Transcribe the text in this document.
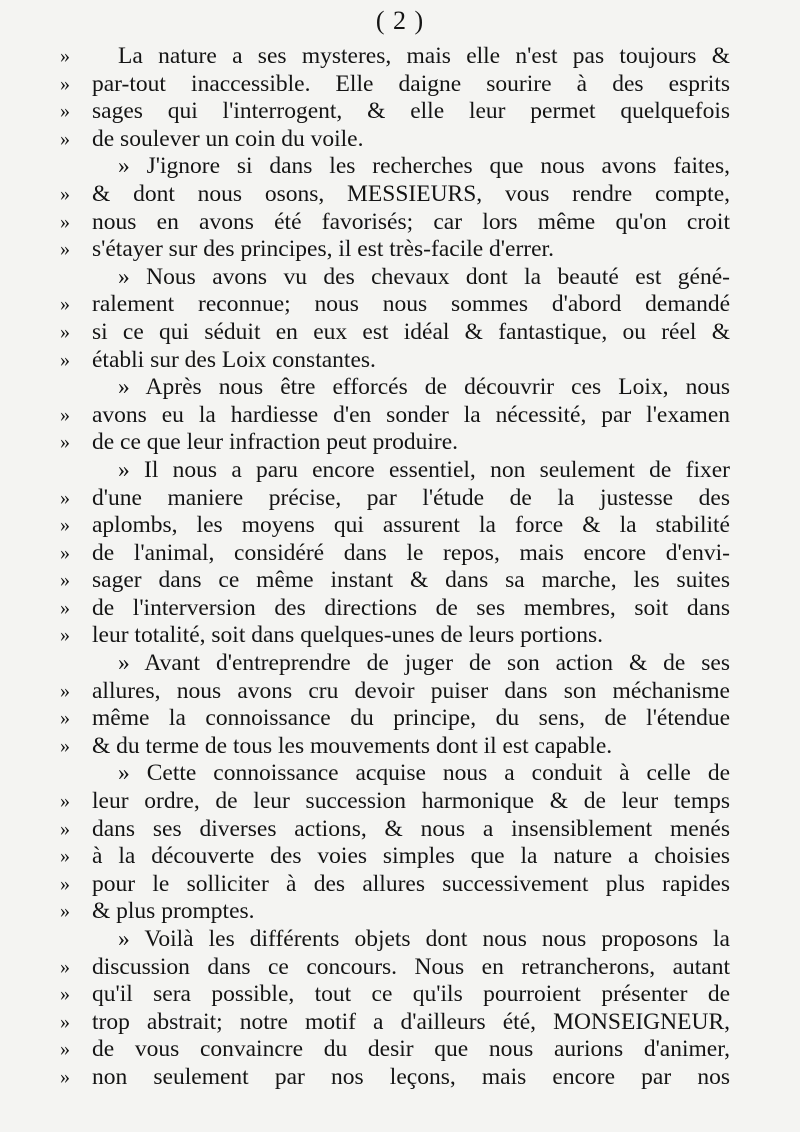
( 2 )
»	La nature a ses mysteres, mais elle n'est pas toujours &
» par-tout inaccessible. Elle daigne sourire à des esprits
» sages qui l'interrogent, & elle leur permet quelquefois
» de soulever un coin du voile.
» J'ignore si dans les recherches que nous avons faites,
» & dont nous osons, MESSIEURS, vous rendre compte,
» nous en avons été favorisés; car lors même qu'on croit
» s'étayer sur des principes, il est très-facile d'errer.
» Nous avons vu des chevaux dont la beauté est géné-
» ralement reconnue; nous nous sommes d'abord demandé
» si ce qui séduit en eux est idéal & fantastique, ou réel &
» établi sur des Loix constantes.
» Après nous être efforcés de découvrir ces Loix, nous
» avons eu la hardiesse d'en sonder la nécessité, par l'examen
» de ce que leur infraction peut produire.
» Il nous a paru encore essentiel, non seulement de fixer
» d'une maniere précise, par l'étude de la justesse des
» aplombs, les moyens qui assurent la force & la stabilité
» de l'animal, considéré dans le repos, mais encore d'envi-
» sager dans ce même instant & dans sa marche, les suites
» de l'interversion des directions de ses membres, soit dans
» leur totalité, soit dans quelques-unes de leurs portions.
» Avant d'entreprendre de juger de son action & de ses
» allures, nous avons cru devoir puiser dans son méchanisme
» même la connoissance du principe, du sens, de l'étendue
» & du terme de tous les mouvements dont il est capable.
» Cette connoissance acquise nous a conduit à celle de
» leur ordre, de leur succession harmonique & de leur temps
» dans ses diverses actions, & nous a insensiblement menés
» à la découverte des voies simples que la nature a choisies
» pour le solliciter à des allures successivement plus rapides
» & plus promptes.
» Voilà les différents objets dont nous nous proposons la
» discussion dans ce concours. Nous en retrancherons, autant
» qu'il sera possible, tout ce qu'ils pourroient présenter de
» trop abstrait; notre motif a d'ailleurs été, MONSEIGNEUR,
» de vous convaincre du desir que nous aurions d'animer,
» non seulement par nos leçons, mais encore par nos
